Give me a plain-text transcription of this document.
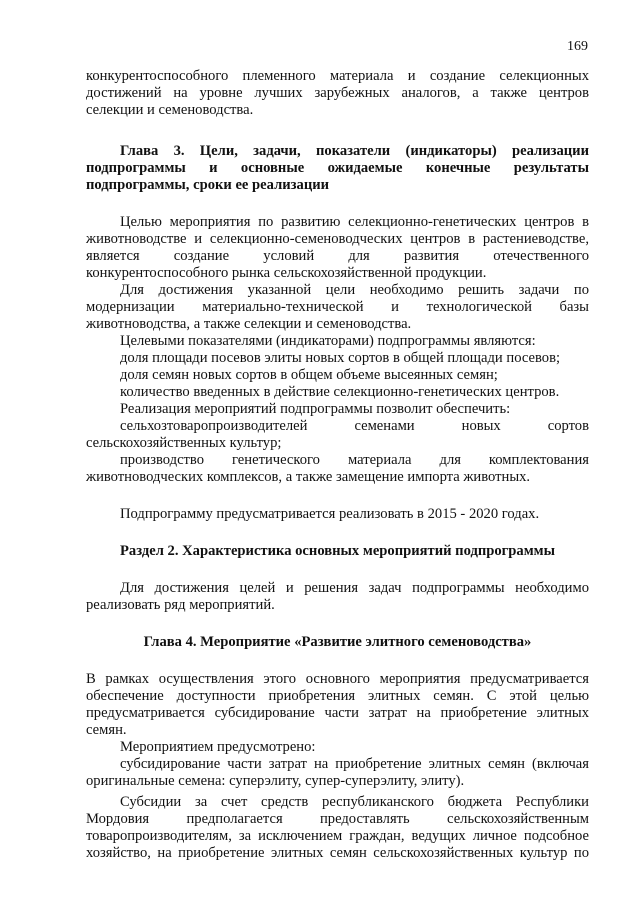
169
конкурентоспособного племенного материала и создание селекционных
достижений на уровне лучших зарубежных аналогов, а также центров
селекции и семеноводства.
Глава 3. Цели, задачи, показатели (индикаторы) реализации
подпрограммы и основные ожидаемые конечные результаты
подпрограммы, сроки ее реализации
Целью мероприятия по развитию селекционно-генетических центров в
животноводстве и селекционно-семеноводческих центров в растениеводстве,
является создание условий для развития отечественного
конкурентоспособного рынка сельскохозяйственной продукции.
Для достижения указанной цели необходимо решить задачи по
модернизации материально-технической и технологической базы
животноводства, а также селекции и семеноводства.
Целевыми показателями (индикаторами) подпрограммы являются:
доля площади посевов элиты новых сортов в общей площади посевов;
доля семян новых сортов в общем объеме высеянных семян;
количество введенных в действие селекционно-генетических центров.
Реализация мероприятий подпрограммы позволит обеспечить:
сельхозтоваропроизводителей семенами новых сортов
сельскохозяйственных культур;
производство генетического материала для комплектования
животноводческих комплексов, а также замещение импорта животных.
Подпрограмму предусматривается реализовать в 2015 - 2020 годах.
Раздел 2. Характеристика основных мероприятий подпрограммы
Для достижения целей и решения задач подпрограммы необходимо
реализовать ряд мероприятий.
Глава 4. Мероприятие «Развитие элитного семеноводства»
В рамках осуществления этого основного мероприятия предусматривается
обеспечение доступности приобретения элитных семян. С этой целью
предусматривается субсидирование части затрат на приобретение элитных
семян.
Мероприятием предусмотрено:
субсидирование части затрат на приобретение элитных семян (включая
оригинальные семена: суперэлиту, супер-суперэлиту, элиту).
Субсидии за счет средств республиканского бюджета Республики
Мордовия предполагается предоставлять сельскохозяйственным
товаропроизводителям, за исключением граждан, ведущих личное подсобное
хозяйство, на приобретение элитных семян сельскохозяйственных культур по
